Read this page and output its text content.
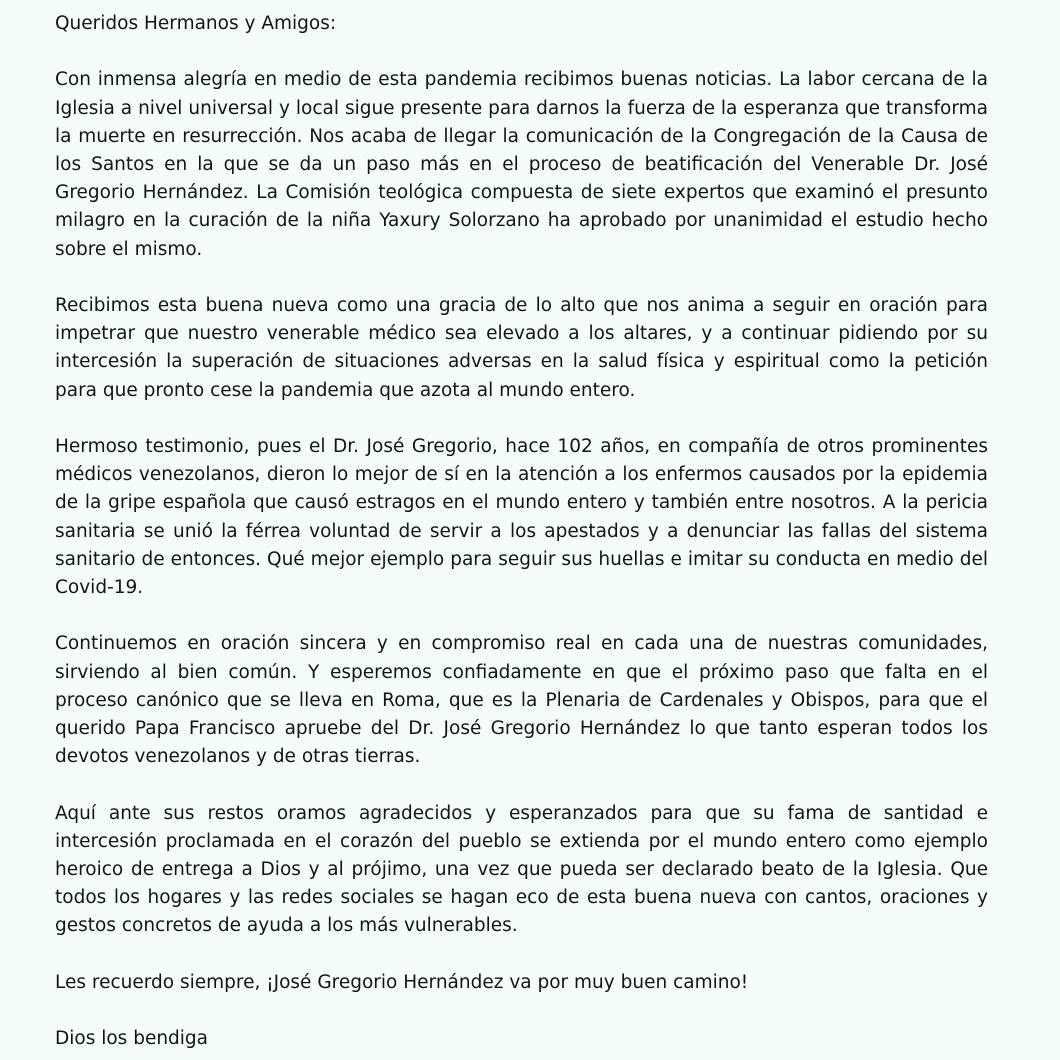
Queridos Hermanos y Amigos:

Con inmensa alegría en medio de esta pandemia recibimos buenas noticias. La labor cercana de la Iglesia a nivel universal y local sigue presente para darnos la fuerza de la esperanza que transforma la muerte en resurrección. Nos acaba de llegar la comunicación de la Congregación de la Causa de los Santos en la que se da un paso más en el proceso de beatificación del Venerable Dr. José Gregorio Hernández. La Comisión teológica compuesta de siete expertos que examinó el presunto milagro en la curación de la niña Yaxury Solorzano ha aprobado por unanimidad el estudio hecho sobre el mismo.

Recibimos esta buena nueva como una gracia de lo alto que nos anima a seguir en oración para impetrar que nuestro venerable médico sea elevado a los altares, y a continuar pidiendo por su intercesión la superación de situaciones adversas en la salud física y espiritual como la petición para que pronto cese la pandemia que azota al mundo entero.

Hermoso testimonio, pues el Dr. José Gregorio, hace 102 años, en compañía de otros prominentes médicos venezolanos, dieron lo mejor de sí en la atención a los enfermos causados por la epidemia de la gripe española que causó estragos en el mundo entero y también entre nosotros. A la pericia sanitaria se unió la férrea voluntad de servir a los apestados y a denunciar las fallas del sistema sanitario de entonces. Qué mejor ejemplo para seguir sus huellas e imitar su conducta en medio del Covid-19.

Continuemos en oración sincera y en compromiso real en cada una de nuestras comunidades, sirviendo al bien común. Y esperemos confiadamente en que el próximo paso que falta en el proceso canónico que se lleva en Roma, que es la Plenaria de Cardenales y Obispos, para que el querido Papa Francisco apruebe del Dr. José Gregorio Hernández lo que tanto esperan todos los devotos venezolanos y de otras tierras.

Aquí ante sus restos oramos agradecidos y esperanzados para que su fama de santidad e intercesión proclamada en el corazón del pueblo se extienda por el mundo entero como ejemplo heroico de entrega a Dios y al prójimo, una vez que pueda ser declarado beato de la Iglesia. Que todos los hogares y las redes sociales se hagan eco de esta buena nueva con cantos, oraciones y gestos concretos de ayuda a los más vulnerables.

Les recuerdo siempre, ¡José Gregorio Hernández va por muy buen camino!

Dios los bendiga
